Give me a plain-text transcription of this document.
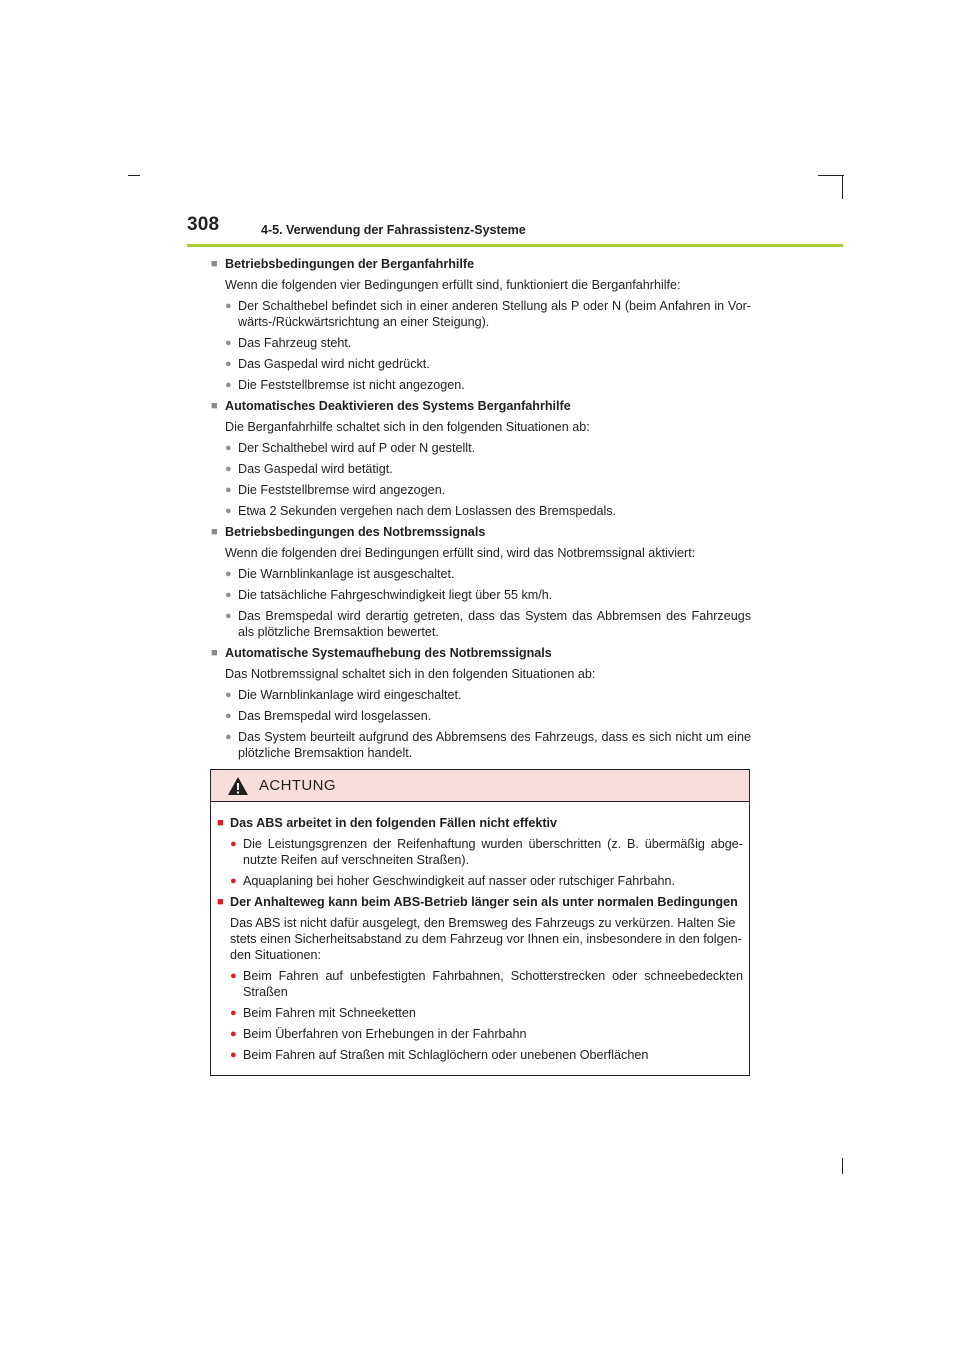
308	4-5. Verwendung der Fahrassistenz-Systeme
■ Betriebsbedingungen der Berganfahrhilfe
Wenn die folgenden vier Bedingungen erfüllt sind, funktioniert die Berganfahrhilfe:
● Der Schalthebel befindet sich in einer anderen Stellung als P oder N (beim Anfahren in Vor-wärts-/Rückwärtsrichtung an einer Steigung).
● Das Fahrzeug steht.
● Das Gaspedal wird nicht gedrückt.
● Die Feststellbremse ist nicht angezogen.
■ Automatisches Deaktivieren des Systems Berganfahrhilfe
Die Berganfahrhilfe schaltet sich in den folgenden Situationen ab:
● Der Schalthebel wird auf P oder N gestellt.
● Das Gaspedal wird betätigt.
● Die Feststellbremse wird angezogen.
● Etwa 2 Sekunden vergehen nach dem Loslassen des Bremspedals.
■ Betriebsbedingungen des Notbremssignals
Wenn die folgenden drei Bedingungen erfüllt sind, wird das Notbremssignal aktiviert:
● Die Warnblinkanlage ist ausgeschaltet.
● Die tatsächliche Fahrgeschwindigkeit liegt über 55 km/h.
● Das Bremspedal wird derartig getreten, dass das System das Abbremsen des Fahrzeugs als plötzliche Bremsaktion bewertet.
■ Automatische Systemaufhebung des Notbremssignals
Das Notbremssignal schaltet sich in den folgenden Situationen ab:
● Die Warnblinkanlage wird eingeschaltet.
● Das Bremspedal wird losgelassen.
● Das System beurteilt aufgrund des Abbremsens des Fahrzeugs, dass es sich nicht um eine plötzliche Bremsaktion handelt.
ACHTUNG
■ Das ABS arbeitet in den folgenden Fällen nicht effektiv
● Die Leistungsgrenzen der Reifenhaftung wurden überschritten (z. B. übermäßig abge-nutzte Reifen auf verschneiten Straßen).
● Aquaplaning bei hoher Geschwindigkeit auf nasser oder rutschiger Fahrbahn.
■ Der Anhalteweg kann beim ABS-Betrieb länger sein als unter normalen Bedingungen
Das ABS ist nicht dafür ausgelegt, den Bremsweg des Fahrzeugs zu verkürzen. Halten Sie stets einen Sicherheitsabstand zu dem Fahrzeug vor Ihnen ein, insbesondere in den folgen-den Situationen:
● Beim Fahren auf unbefestigten Fahrbahnen, Schotterstrecken oder schneebedeckten Straßen
● Beim Fahren mit Schneeketten
● Beim Überfahren von Erhebungen in der Fahrbahn
● Beim Fahren auf Straßen mit Schlaglöchern oder unebenen Oberflächen
